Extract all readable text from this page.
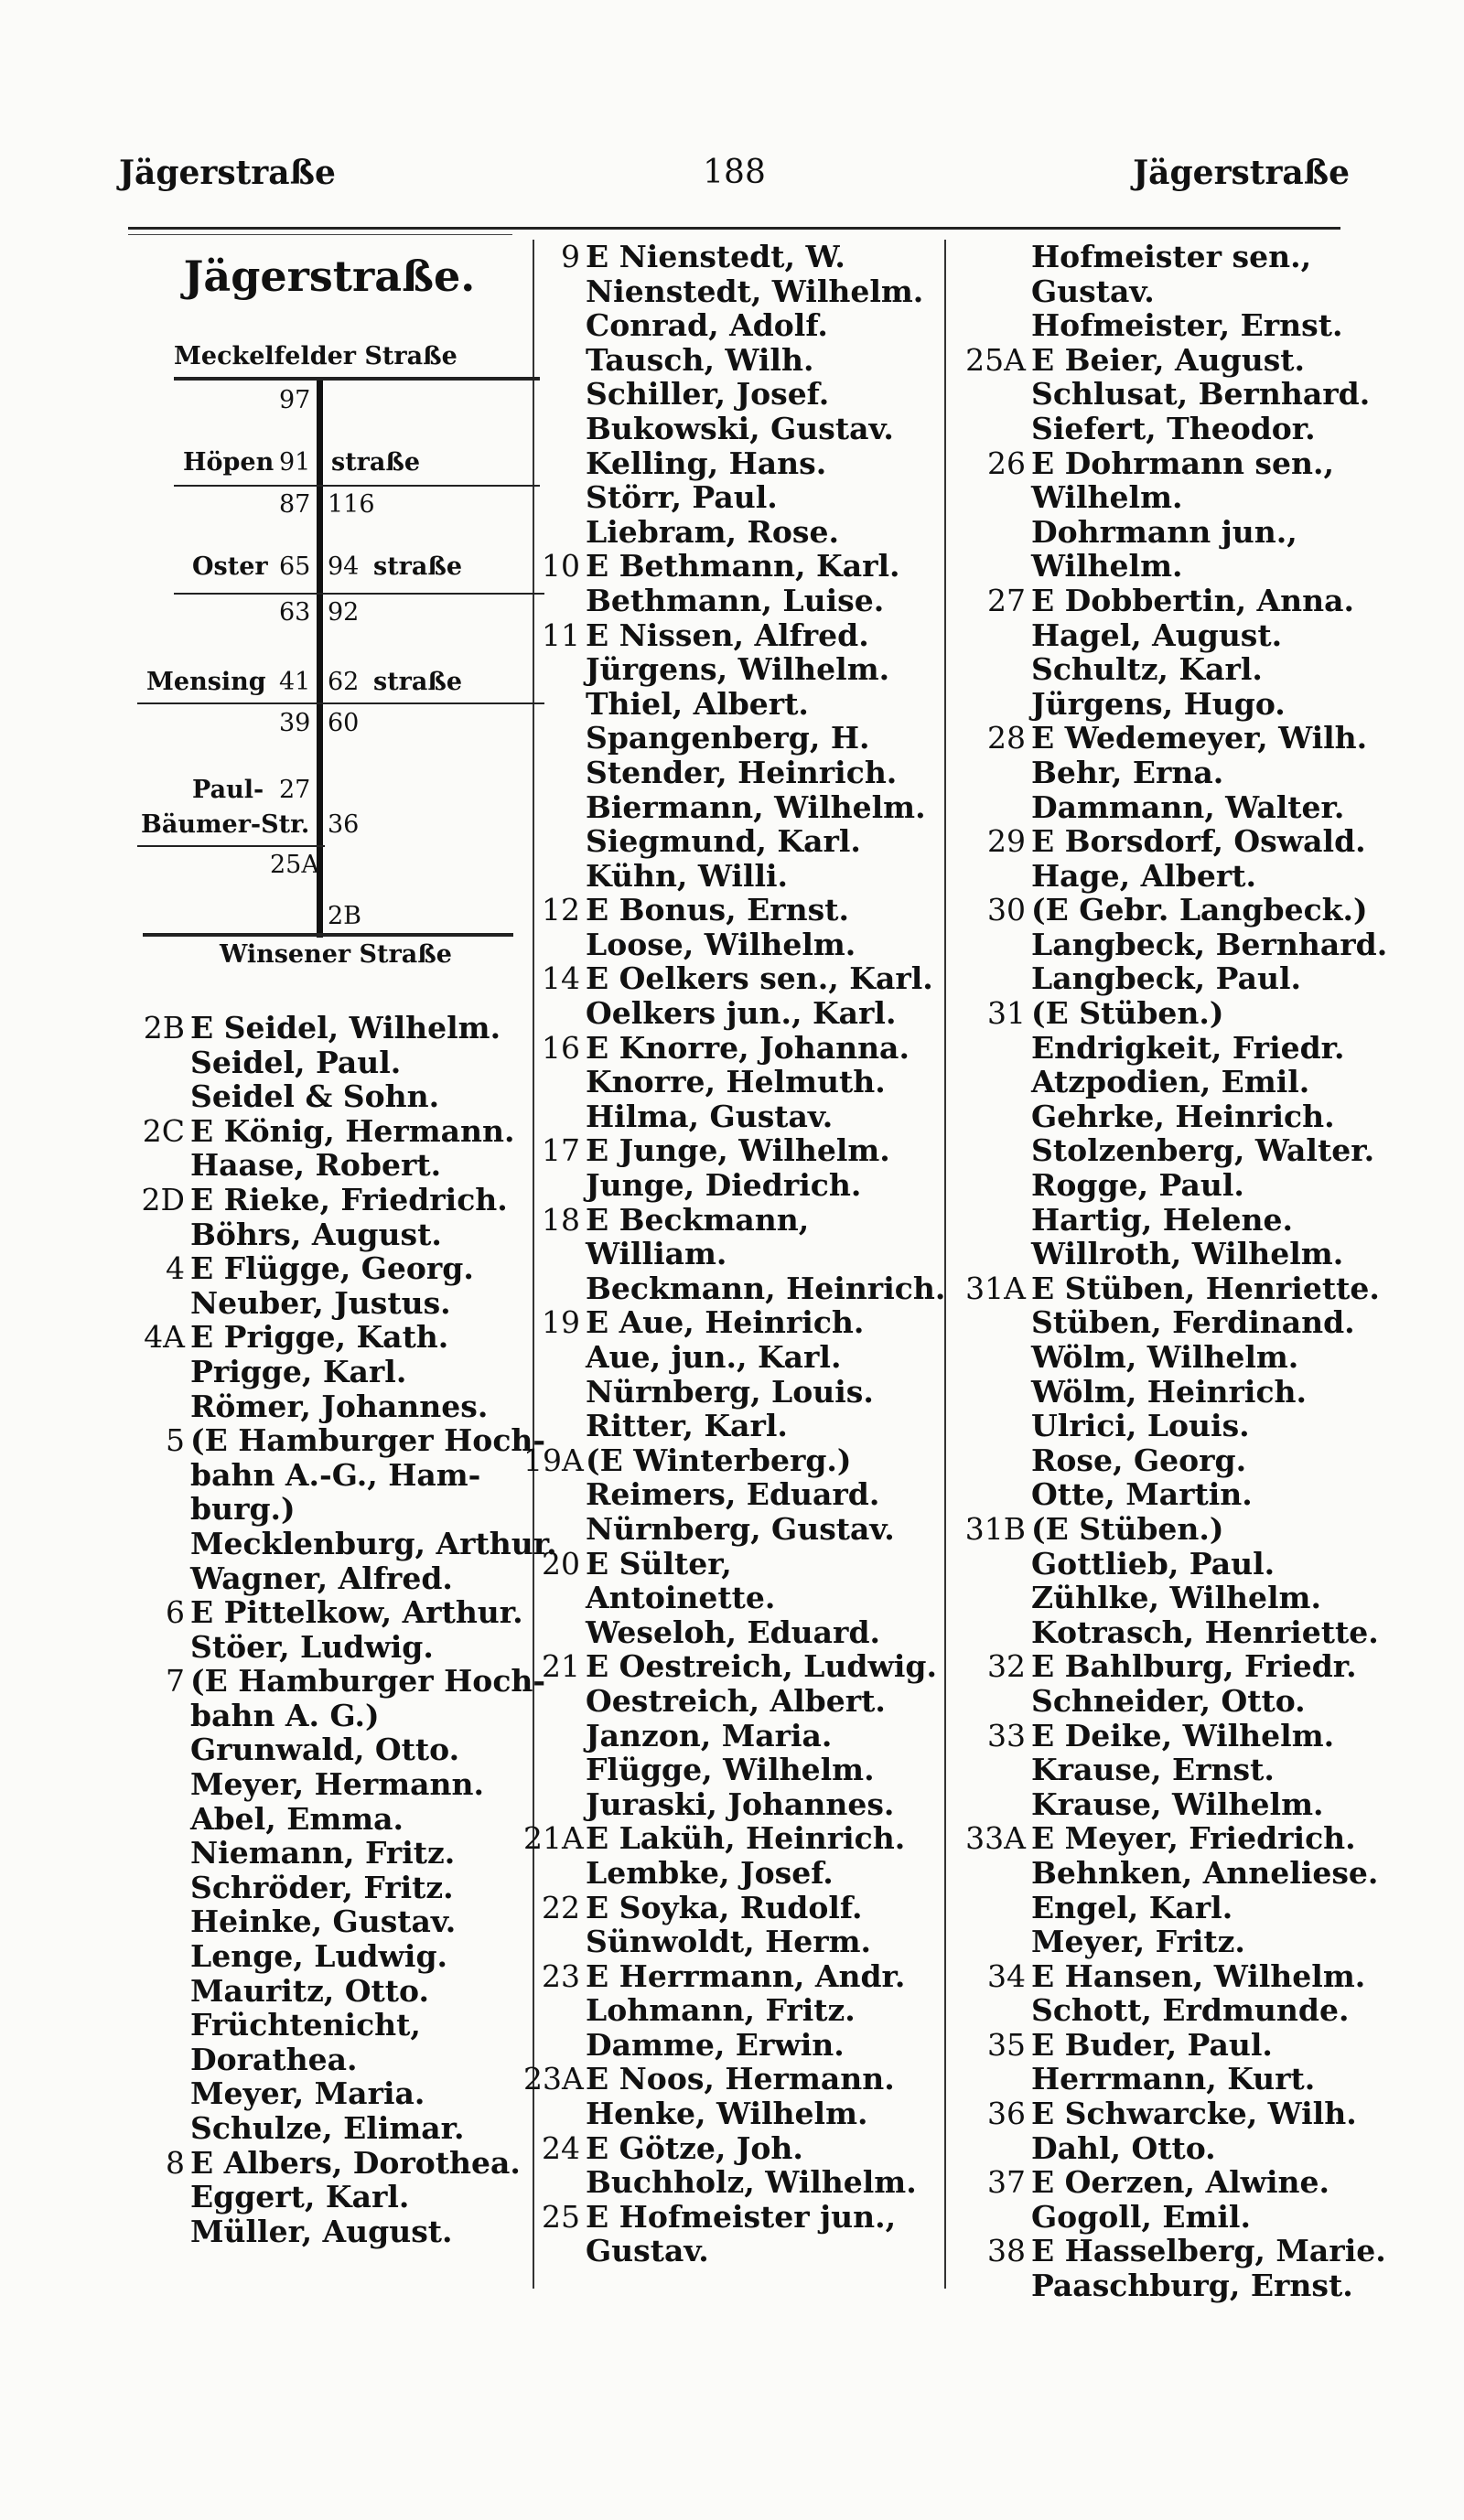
Jägerstraße	188	Jägerstraße
Jägerstraße.
Meckelfelder Straße
97
Höpen 91 straße
87 116
Oster 65 94 straße
63 92
Mensing 41 62 straße
39 60
Paul- 27
Bäumer-Str. 36
25A
2B
Winsener Straße
2B E Seidel, Wilhelm.
Seidel, Paul.
Seidel & Sohn.
2C E König, Hermann.
Haase, Robert.
2D E Rieke, Friedrich.
Böhrs, August.
4 E Flügge, Georg.
Neuber, Justus.
4A E Prigge, Kath.
Prigge, Karl.
Römer, Johannes.
5 (E Hamburger Hoch-
bahn A.-G., Ham-
burg.)
Mecklenburg, Arthur.
Wagner, Alfred.
6 E Pittelkow, Arthur.
Stöer, Ludwig.
7 (E Hamburger Hoch-
bahn A. G.)
Grunwald, Otto.
Meyer, Hermann.
Abel, Emma.
Niemann, Fritz.
Schröder, Fritz.
Heinke, Gustav.
Lenge, Ludwig.
Mauritz, Otto.
Früchtenicht,
Dorathea.
Meyer, Maria.
Schulze, Elimar.
8 E Albers, Dorothea.
Eggert, Karl.
Müller, August.
9 E Nienstedt, W.
Nienstedt, Wilhelm.
Conrad, Adolf.
Tausch, Wilh.
Schiller, Josef.
Bukowski, Gustav.
Kelling, Hans.
Störr, Paul.
Liebram, Rose.
10 E Bethmann, Karl.
Bethmann, Luise.
11 E Nissen, Alfred.
Jürgens, Wilhelm.
Thiel, Albert.
Spangenberg, H.
Stender, Heinrich.
Biermann, Wilhelm.
Siegmund, Karl.
Kühn, Willi.
12 E Bonus, Ernst.
Loose, Wilhelm.
14 E Oelkers sen., Karl.
Oelkers jun., Karl.
16 E Knorre, Johanna.
Knorre, Helmuth.
Hilma, Gustav.
17 E Junge, Wilhelm.
Junge, Diedrich.
18 E Beckmann,
William.
Beckmann, Heinrich.
19 E Aue, Heinrich.
Aue, jun., Karl.
Nürnberg, Louis.
Ritter, Karl.
19A (E Winterberg.)
Reimers, Eduard.
Nürnberg, Gustav.
20 E Sülter,
Antoinette.
Weseloh, Eduard.
21 E Oestreich, Ludwig.
Oestreich, Albert.
Janzon, Maria.
Flügge, Wilhelm.
Juraski, Johannes.
21A E Laküh, Heinrich.
Lembke, Josef.
22 E Soyka, Rudolf.
Sünwoldt, Herm.
23 E Herrmann, Andr.
Lohmann, Fritz.
Damme, Erwin.
23A E Noos, Hermann.
Henke, Wilhelm.
24 E Götze, Joh.
Buchholz, Wilhelm.
25 E Hofmeister jun.,
Gustav.
Hofmeister sen.,
Gustav.
Hofmeister, Ernst.
25A E Beier, August.
Schlusat, Bernhard.
Siefert, Theodor.
26 E Dohrmann sen.,
Wilhelm.
Dohrmann jun.,
Wilhelm.
27 E Dobbertin, Anna.
Hagel, August.
Schultz, Karl.
Jürgens, Hugo.
28 E Wedemeyer, Wilh.
Behr, Erna.
Dammann, Walter.
29 E Borsdorf, Oswald.
Hage, Albert.
30 (E Gebr. Langbeck.)
Langbeck, Bernhard.
Langbeck, Paul.
31 (E Stüben.)
Endrigkeit, Friedr.
Atzpodien, Emil.
Gehrke, Heinrich.
Stolzenberg, Walter.
Rogge, Paul.
Hartig, Helene.
Willroth, Wilhelm.
31A E Stüben, Henriette.
Stüben, Ferdinand.
Wölm, Wilhelm.
Wölm, Heinrich.
Ulrici, Louis.
Rose, Georg.
Otte, Martin.
31B (E Stüben.)
Gottlieb, Paul.
Zühlke, Wilhelm.
Kotrasch, Henriette.
32 E Bahlburg, Friedr.
Schneider, Otto.
33 E Deike, Wilhelm.
Krause, Ernst.
Krause, Wilhelm.
33A E Meyer, Friedrich.
Behnken, Anneliese.
Engel, Karl.
Meyer, Fritz.
34 E Hansen, Wilhelm.
Schott, Erdmunde.
35 E Buder, Paul.
Herrmann, Kurt.
36 E Schwarcke, Wilh.
Dahl, Otto.
37 E Oerzen, Alwine.
Gogoll, Emil.
38 E Hasselberg, Marie.
Paaschburg, Ernst.
